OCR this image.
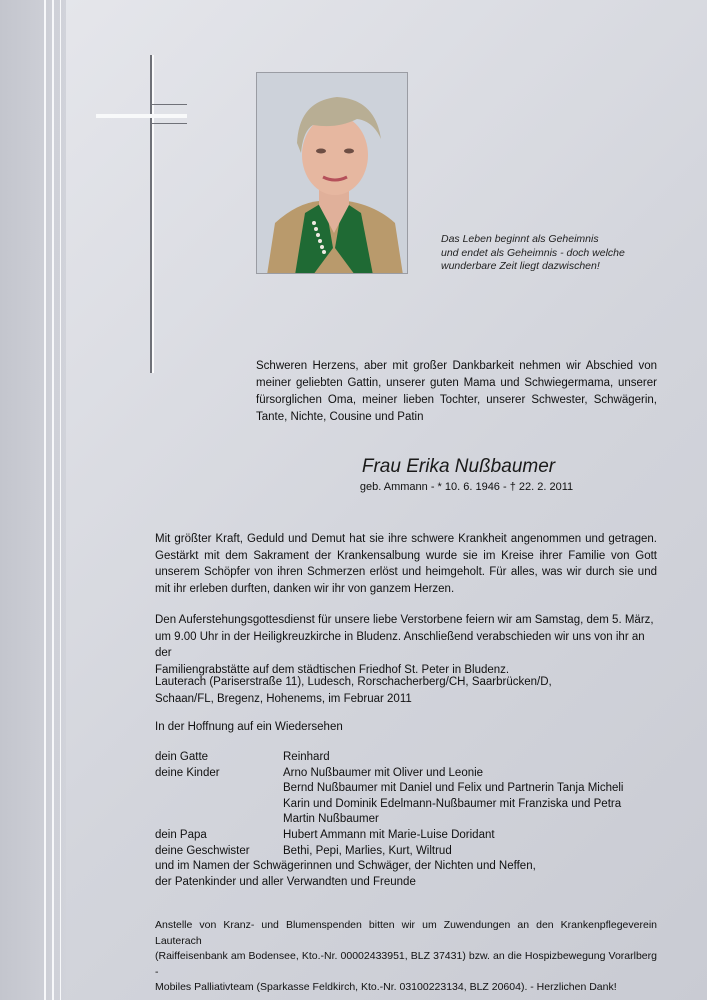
Das Leben beginnt als Geheimnis
und endet als Geheimnis - doch welche
wunderbare Zeit liegt dazwischen!
Schweren Herzens, aber mit großer Dankbarkeit nehmen wir Abschied von meiner geliebten Gattin, unserer guten Mama und Schwiegermama, unserer fürsorglichen Oma, meiner lieben Tochter, unserer Schwester, Schwägerin, Tante, Nichte, Cousine und Patin
Frau Erika Nußbaumer
geb. Ammann - * 10. 6. 1946 - † 22. 2. 2011
Mit größter Kraft, Geduld und Demut hat sie ihre schwere Krankheit angenommen und getragen. Gestärkt mit dem Sakrament der Krankensalbung wurde sie im Kreise ihrer Familie von Gott unserem Schöpfer von ihren Schmerzen erlöst und heimgeholt. Für alles, was wir durch sie und mit ihr erleben durften, danken wir ihr von ganzem Herzen.
Den Auferstehungsgottesdienst für unsere liebe Verstorbene feiern wir am Samstag, dem 5. März,
um 9.00 Uhr in der Heiligkreuzkirche in Bludenz. Anschließend verabschieden wir uns von ihr an der
Familiengrabstätte auf dem städtischen Friedhof St. Peter in Bludenz.
Lauterach (Pariserstraße 11), Ludesch, Rorschacherberg/CH, Saarbrücken/D,
Schaan/FL, Bregenz, Hohenems, im Februar 2011
In der Hoffnung auf ein Wiedersehen
dein Gatte	Reinhard
deine Kinder	Arno Nußbaumer mit Oliver und Leonie
Bernd Nußbaumer mit Daniel und Felix und Partnerin Tanja Micheli
Karin und Dominik Edelmann-Nußbaumer mit Franziska und Petra
Martin Nußbaumer
dein Papa	Hubert Ammann mit Marie-Luise Doridant
deine Geschwister	Bethi, Pepi, Marlies, Kurt, Wiltrud
und im Namen der Schwägerinnen und Schwäger, der Nichten und Neffen,
der Patenkinder und aller Verwandten und Freunde
Anstelle von Kranz- und Blumenspenden bitten wir um Zuwendungen an den Krankenpflegeverein Lauterach
(Raiffeisenbank am Bodensee, Kto.-Nr. 00002433951, BLZ 37431) bzw. an die Hospizbewegung Vorarlberg -
Mobiles Palliativteam (Sparkasse Feldkirch, Kto.-Nr. 03100223134, BLZ 20604). - Herzlichen Dank!
